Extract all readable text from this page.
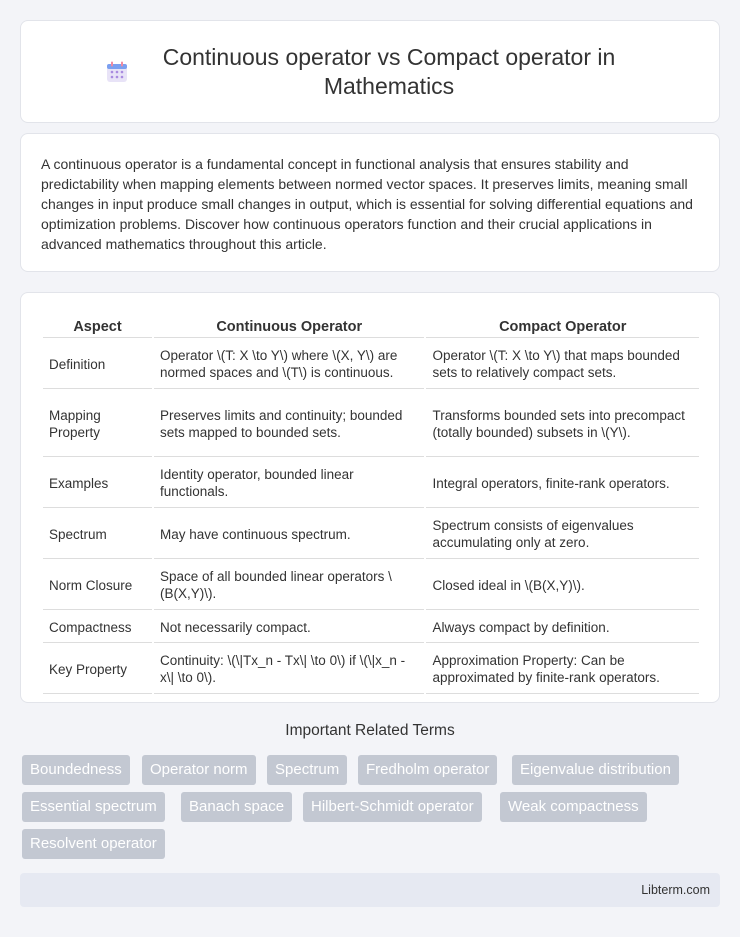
Continuous operator vs Compact operator in Mathematics

A continuous operator is a fundamental concept in functional analysis that ensures stability and predictability when mapping elements between normed vector spaces. It preserves limits, meaning small changes in input produce small changes in output, which is essential for solving differential equations and optimization problems. Discover how continuous operators function and their crucial applications in advanced mathematics throughout this article.

Aspect	Continuous Operator	Compact Operator
Definition	Operator \(T: X \to Y\) where \(X, Y\) are normed spaces and \(T\) is continuous.	Operator \(T: X \to Y\) that maps bounded sets to relatively compact sets.
Mapping Property	Preserves limits and continuity; bounded sets mapped to bounded sets.	Transforms bounded sets into precompact (totally bounded) subsets in \(Y\).
Examples	Identity operator, bounded linear functionals.	Integral operators, finite-rank operators.
Spectrum	May have continuous spectrum.	Spectrum consists of eigenvalues accumulating only at zero.
Norm Closure	Space of all bounded linear operators \(B(X,Y)\).	Closed ideal in \(B(X,Y)\).
Compactness	Not necessarily compact.	Always compact by definition.
Key Property	Continuity: \(\|Tx_n - Tx\| \to 0\) if \(\|x_n - x\| \to 0\).	Approximation Property: Can be approximated by finite-rank operators.
Important Related Terms
Boundedness	Operator norm	Spectrum	Fredholm operator	Eigenvalue distribution
Essential spectrum	Banach space	Hilbert-Schmidt operator	Weak compactness
Resolvent operator
Libterm.com
